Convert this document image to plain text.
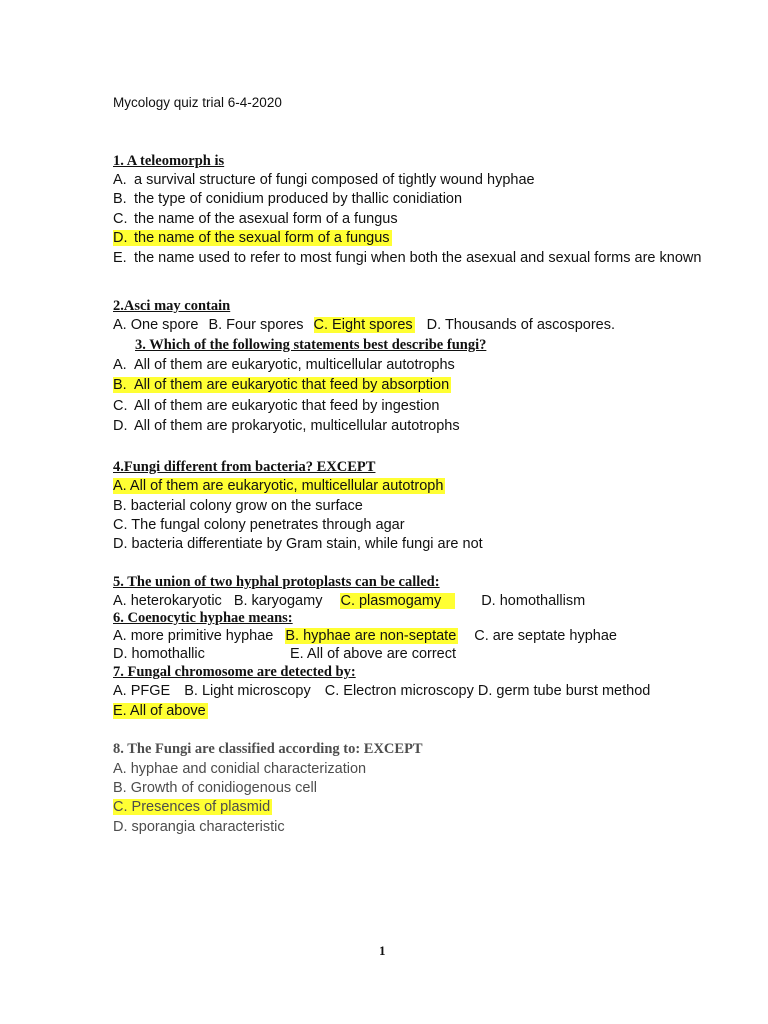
Mycology quiz trial 6-4-2020
1. A teleomorph is
A. a survival structure of fungi composed of tightly wound hyphae
B. the type of conidium produced by thallic conidiation
C. the name of the asexual form of a fungus
D. the name of the sexual form of a fungus
E. the name used to refer to most fungi when both the asexual and sexual forms are known
2.Asci may contain
A. One spore B. Four spores C. Eight spores D. Thousands of ascospores.
3. Which of the following statements best describe fungi?
A. All of them are eukaryotic, multicellular autotrophs
B. All of them are eukaryotic that feed by absorption
C. All of them are eukaryotic that feed by ingestion
D. All of them are prokaryotic, multicellular autotrophs
4.Fungi different from bacteria? EXCEPT
A. All of them are eukaryotic, multicellular autotroph
B. bacterial colony grow on the surface
C. The fungal colony penetrates through agar
D. bacteria differentiate by Gram stain, while fungi are not
5. The union of two hyphal protoplasts can be called:
A. heterokaryotic B. karyogamy C. plasmogamy	D. homothallism
6. Coenocytic hyphae means:
A. more primitive hyphae B. hyphae are non-septate C. are septate hyphae
D. homothallic	E. All of above are correct
7. Fungal chromosome are detected by:
A. PFGE B. Light microscopy C. Electron microscopy D. germ tube burst method
E. All of above
8. The Fungi are classified according to: EXCEPT
A. hyphae and conidial characterization
B. Growth of conidiogenous cell
C. Presences of plasmid
D. sporangia characteristic
1
